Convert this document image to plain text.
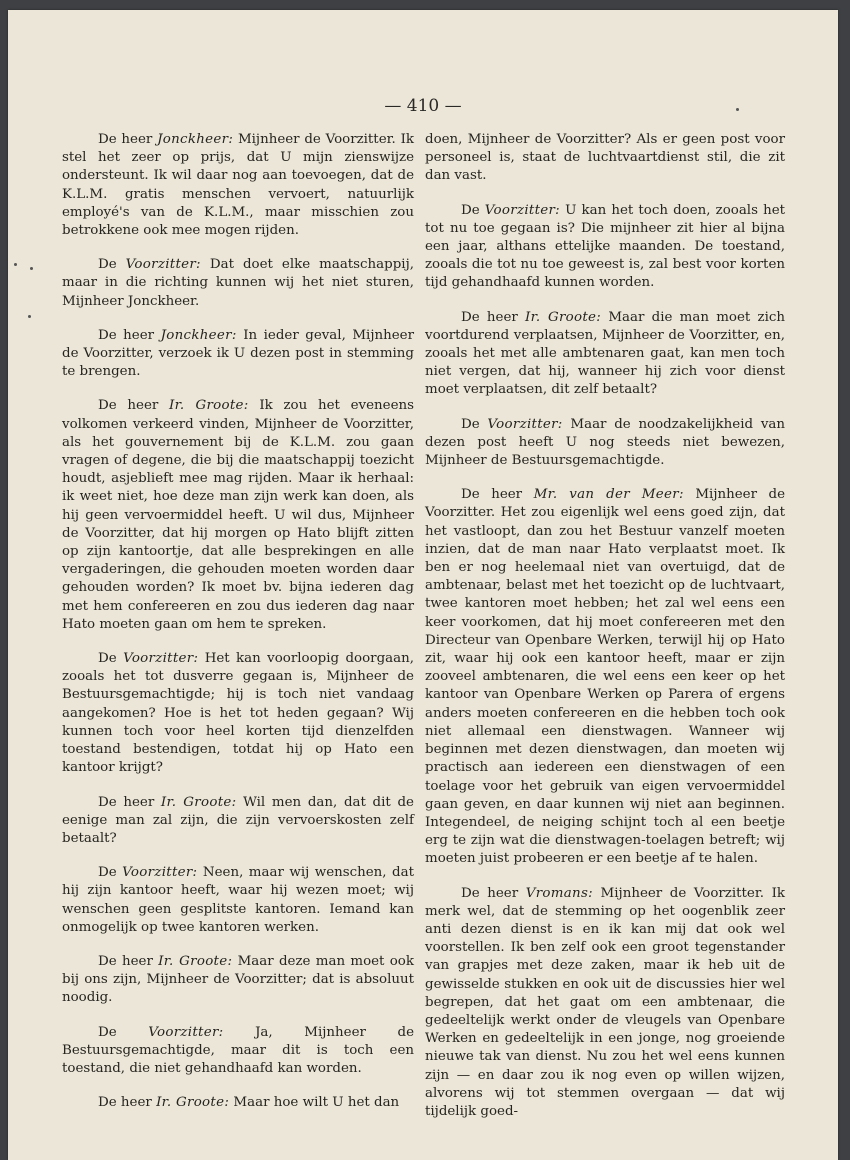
— 410 —

De heer Jonckheer: Mijnheer de Voorzitter. Ik stel het zeer op prijs, dat U mijn zienswijze ondersteunt. Ik wil daar nog aan toevoegen, dat de K.L.M. gratis menschen vervoert, natuurlijk employé's van de K.L.M., maar misschien zou betrokkene ook mee mogen rijden.

De Voorzitter: Dat doet elke maatschappij, maar in die richting kunnen wij het niet sturen, Mijnheer Jonckheer.

De heer Jonckheer: In ieder geval, Mijnheer de Voorzitter, verzoek ik U dezen post in stemming te brengen.

De heer Ir. Groote: Ik zou het eveneens volkomen verkeerd vinden, Mijnheer de Voorzitter, als het gouvernement bij de K.L.M. zou gaan vragen of degene, die bij die maatschappij toezicht houdt, asjeblieft mee mag rijden. Maar ik herhaal: ik weet niet, hoe deze man zijn werk kan doen, als hij geen vervoermiddel heeft. U wil dus, Mijnheer de Voorzitter, dat hij morgen op Hato blijft zitten op zijn kantoortje, dat alle besprekingen en alle vergaderingen, die gehouden moeten worden daar gehouden worden? Ik moet bv. bijna iederen dag met hem confereeren en zou dus iederen dag naar Hato moeten gaan om hem te spreken.

De Voorzitter: Het kan voorloopig doorgaan, zooals het tot dusverre gegaan is, Mijnheer de Bestuursgemachtigde; hij is toch niet vandaag aangekomen? Hoe is het tot heden gegaan? Wij kunnen toch voor heel korten tijd dienzelfden toestand bestendigen, totdat hij op Hato een kantoor krijgt?

De heer Ir. Groote: Wil men dan, dat dit de eenige man zal zijn, die zijn vervoerskosten zelf betaalt?

De Voorzitter: Neen, maar wij wenschen, dat hij zijn kantoor heeft, waar hij wezen moet; wij wenschen geen gesplitste kantoren. Iemand kan onmogelijk op twee kantoren werken.

De heer Ir. Groote: Maar deze man moet ook bij ons zijn, Mijnheer de Voorzitter; dat is absoluut noodig.

De Voorzitter: Ja, Mijnheer de Bestuursgemachtigde, maar dit is toch een toestand, die niet gehandhaafd kan worden.

De heer Ir. Groote: Maar hoe wilt U het dan

doen, Mijnheer de Voorzitter? Als er geen post voor personeel is, staat de luchtvaartdienst stil, die zit dan vast.

De Voorzitter: U kan het toch doen, zooals het tot nu toe gegaan is? Die mijnheer zit hier al bijna een jaar, althans ettelijke maanden. De toestand, zooals die tot nu toe geweest is, zal best voor korten tijd gehandhaafd kunnen worden.

De heer Ir. Groote: Maar die man moet zich voortdurend verplaatsen, Mijnheer de Voorzitter, en, zooals het met alle ambtenaren gaat, kan men toch niet vergen, dat hij, wanneer hij zich voor dienst moet verplaatsen, dit zelf betaalt?

De Voorzitter: Maar de noodzakelijkheid van dezen post heeft U nog steeds niet bewezen, Mijnheer de Bestuursgemachtigde.

De heer Mr. van der Meer: Mijnheer de Voorzitter. Het zou eigenlijk wel eens goed zijn, dat het vastloopt, dan zou het Bestuur vanzelf moeten inzien, dat de man naar Hato verplaatst moet. Ik ben er nog heelemaal niet van overtuigd, dat de ambtenaar, belast met het toezicht op de luchtvaart, twee kantoren moet hebben; het zal wel eens een keer voorkomen, dat hij moet confereeren met den Directeur van Openbare Werken, terwijl hij op Hato zit, waar hij ook een kantoor heeft, maar er zijn zooveel ambtenaren, die wel eens een keer op het kantoor van Openbare Werken op Parera of ergens anders moeten confereeren en die hebben toch ook niet allemaal een dienstwagen. Wanneer wij beginnen met dezen dienstwagen, dan moeten wij practisch aan iedereen een dienstwagen of een toelage voor het gebruik van eigen vervoermiddel gaan geven, en daar kunnen wij niet aan beginnen. Integendeel, de neiging schijnt toch al een beetje erg te zijn wat die dienstwagen-toelagen betreft; wij moeten juist probeeren er een beetje af te halen.

De heer Vromans: Mijnheer de Voorzitter. Ik merk wel, dat de stemming op het oogenblik zeer anti dezen dienst is en ik kan mij dat ook wel voorstellen. Ik ben zelf ook een groot tegenstander van grapjes met deze zaken, maar ik heb uit de gewisselde stukken en ook uit de discussies hier wel begrepen, dat het gaat om een ambtenaar, die gedeeltelijk werkt onder de vleugels van Openbare Werken en gedeeltelijk in een jonge, nog groeiende nieuwe tak van dienst. Nu zou het wel eens kunnen zijn — en daar zou ik nog even op willen wijzen, alvorens wij tot stemmen overgaan — dat wij tijdelijk goed-
